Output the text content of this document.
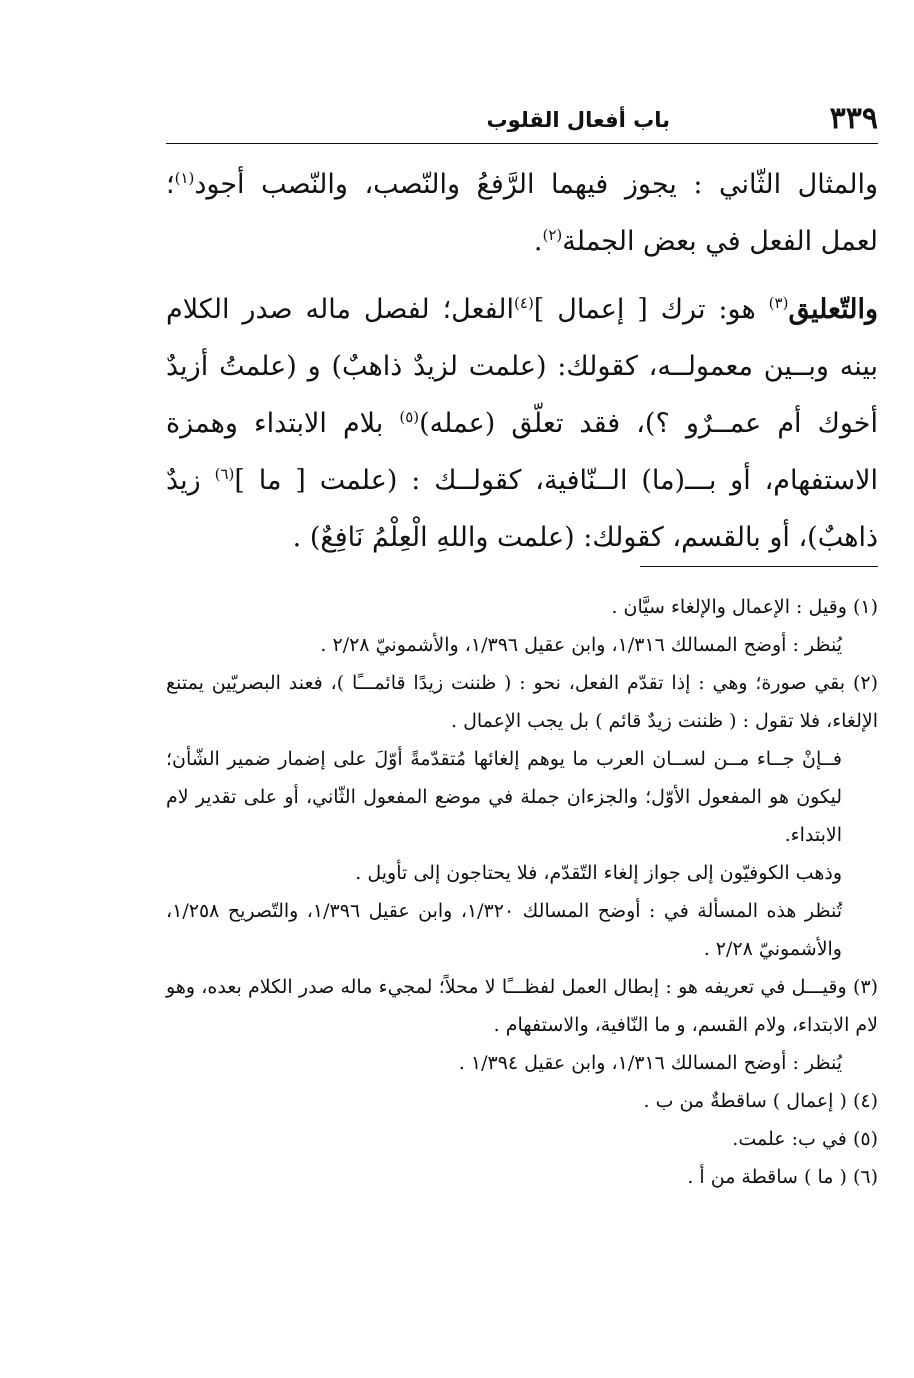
٣٣٩
باب أفعال القلوب

والمثال الثّاني : يجوز فيهما الرَّفعُ والنّصب، والنّصب أجود$^{(١)}$؛ لعمل الفعل في بعض الجملة$^{(٢)}$.

والتّعليق$^{(٣)}$ هو: ترك [ إعمال ]$^{(٤)}$الفعل؛ لفصل ماله صدر الكلام بينه وبــين معمولــه، كقولك: (علمت لزيدٌ ذاهبٌ) و (علمتُ أزيدٌ أخوك أم عمــرٌو ؟)، فقد تعلّق (عمله)$^{(٥)}$ بلام الابتداء وهمزة الاستفهام، أو بـــ(ما) الــنّافية، كقولــك : (علمت [ ما ]$^{(٦)}$ زيدٌ ذاهبٌ)، أو بالقسم، كقولك: (علمت واللهِ الْعِلْمُ نَافِعٌ) .

(١) وقيل : الإعمال والإلغاء سيَّان .

يُنظر : أوضح المسالك ١/٣١٦، وابن عقيل ١/٣٩٦، والأشمونيّ ٢/٢٨ .

(٢) بقي صورة؛ وهي : إذا تقدّم الفعل، نحو : ( ظننت زيدًا قائمـــًا )، فعند البصريّين يمتنع الإلغاء، فلا تقول : ( ظننت زيدٌ قائم ) بل يجب الإعمال .

فــإنْ جــاء مــن لســان العرب ما يوهم إلغائها مُتقدّمةً أوّلَ على إضمار ضمير الشّأن؛ ليكون هو المفعول الأوّل؛ والجزءان جملة في موضع المفعول الثّاني، أو على تقدير لام الابتداء.

وذهب الكوفيّون إلى جواز إلغاء التّقدّم، فلا يحتاجون إلى تأويل .

تُنظر هذه المسألة في : أوضح المسالك ١/٣٢٠، وابن عقيل ١/٣٩٦، والتّصريح ١/٢٥٨، والأشمونيّ ٢/٢٨ .

(٣) وقيـــل في تعريفه هو : إبطال العمل لفظـــًا لا محلاً؛ لمجيء ماله صدر الكلام بعده، وهو لام الابتداء، ولام القسم، و ما النّافية، والاستفهام .

يُنظر : أوضح المسالك ١/٣١٦، وابن عقيل ١/٣٩٤ .

(٤) ( إعمال ) ساقطةٌ من ب .

(٥) في ب: علمت.

(٦) ( ما ) ساقطة من أ .
